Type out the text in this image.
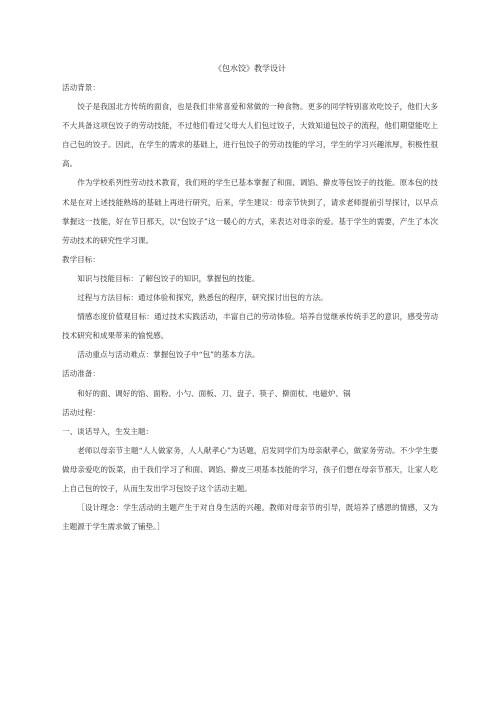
《包水饺》教学设计

活动背景：

饺子是我国北方传统的面食，也是我们非常喜爱和常做的一种食物。更多的同学特别喜欢吃饺子，他们大多不大具备这项包饺子的劳动技能，不过他们看过父母大人们包过饺子，大致知道包饺子的流程，他们期望能吃上自己包的饺子。因此，在学生的需求的基础上，进行包饺子的劳动技能的学习，学生的学习兴趣浓厚，积极性很高。

作为学校系列性劳动技术教育，我们班的学生已基本掌握了和面、调馅、擀皮等包饺子的技能。原本包的技术是在对上述技能熟练的基础上再进行研究，后来，学生建议：母亲节快到了，请求老师提前引导探讨，以早点掌握这一技能，好在节日那天，以“包饺子”这一暖心的方式，来表达对母亲的爱。基于学生的需要，产生了本次劳动技术的研究性学习课。

教学目标：

知识与技能目标：了解包饺子的知识，掌握包的技能。

过程与方法目标：通过体验和探究，熟悉包的程序，研究探讨出包的方法。

情感态度价值观目标：通过技术实践活动，丰富自己的劳动体验。培养自觉继承传统手艺的意识，感受劳动技术研究和成果带来的愉悦感。

活动重点与活动难点：掌握包饺子中“包”的基本方法。

活动准备：

和好的面、调好的馅、面粉、小勺、面板、刀、盘子、筷子、擀面杖、电磁炉、锅

活动过程：

一、谈话导入，生发主题：

老师以母亲节主题“人人做家务，人人献孝心”为话题，启发同学们为母亲献孝心，做家务劳动。不少学生要做母亲爱吃的饭菜，由于我们学习了和面、调馅、擀皮三项基本技能的学习，孩子们想在母亲节那天，让家人吃上自己包的饺子，从而生发出学习包饺子这个活动主题。

［设计理念：学生活动的主题产生于对自身生活的兴趣。教师对母亲节的引导，既培养了感恩的情感，又为主题源于学生需求做了铺垫。］
